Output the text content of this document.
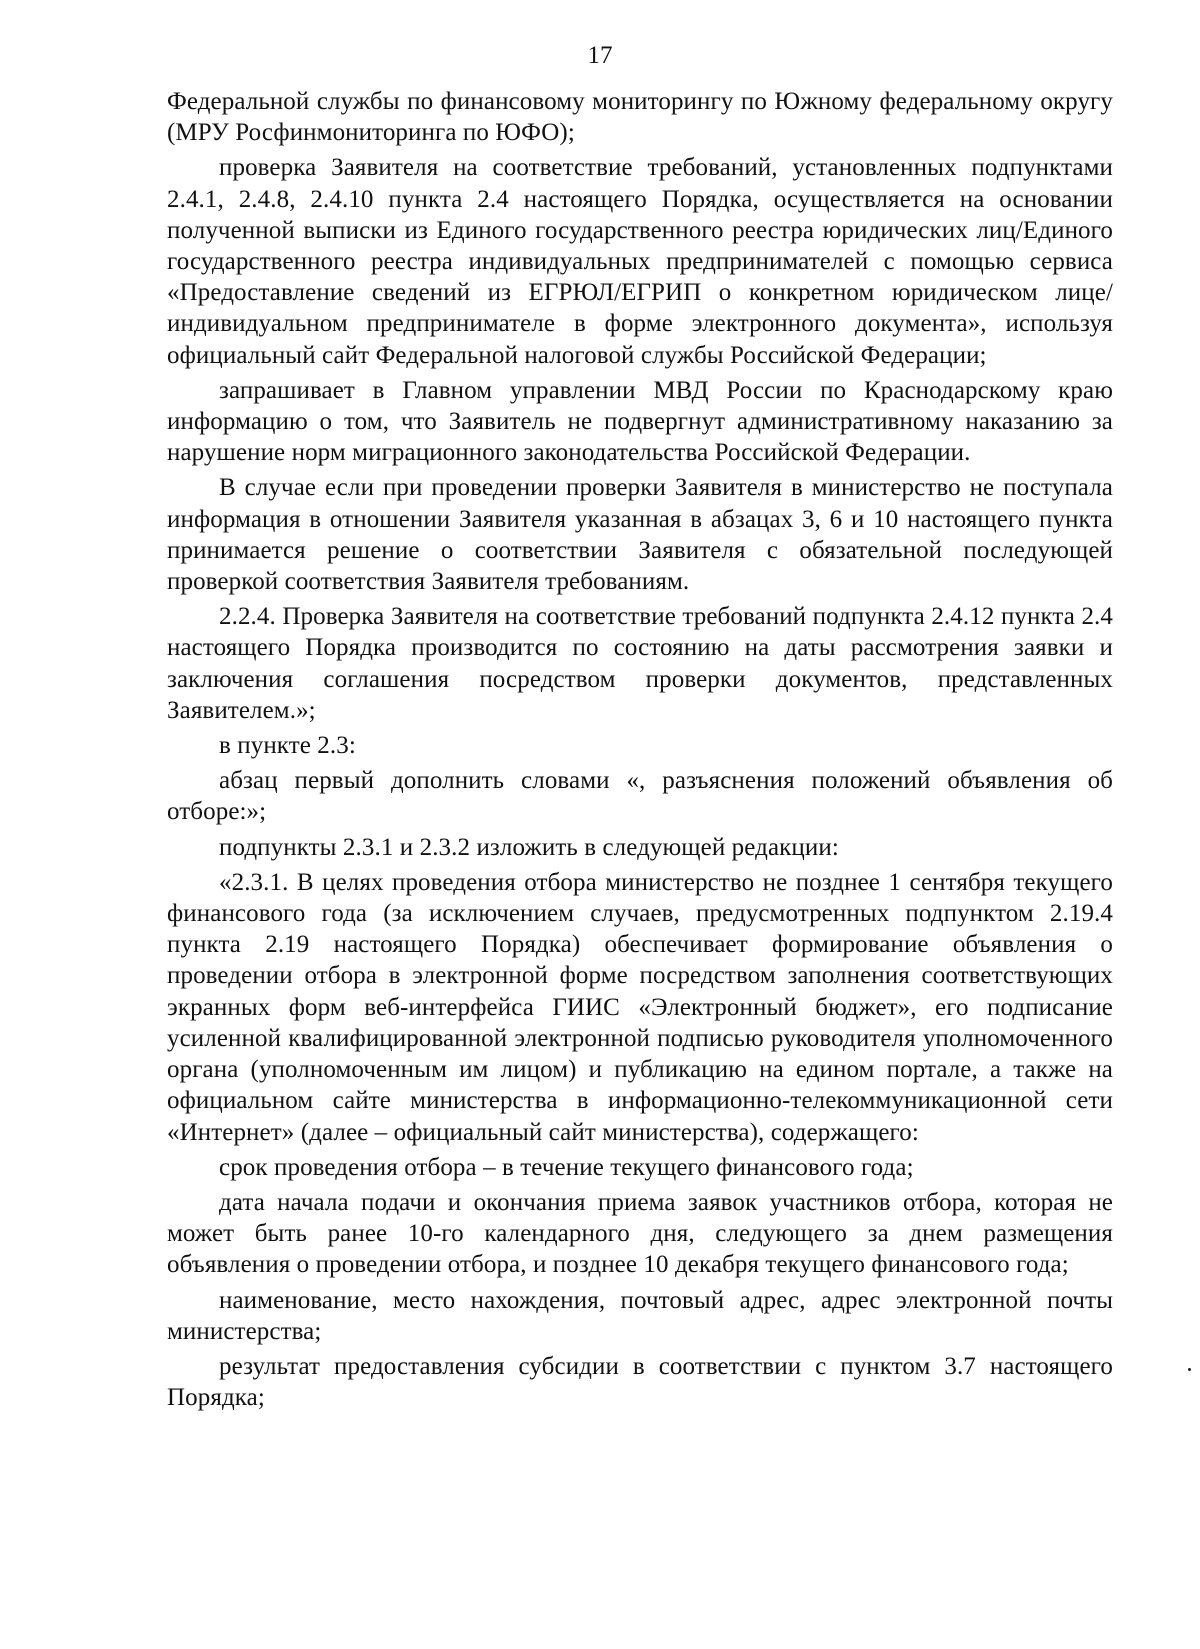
17

Федеральной службы по финансовому мониторингу по Южному федеральному округу (МРУ Росфинмониторинга по ЮФО);

проверка Заявителя на соответствие требований, установленных подпунктами 2.4.1, 2.4.8, 2.4.10 пункта 2.4 настоящего Порядка, осуществляется на основании полученной выписки из Единого государственного реестра юридических лиц/Единого государственного реестра индивидуальных предпринимателей с помощью сервиса «Предоставление сведений из ЕГРЮЛ/ЕГРИП о конкретном юридическом лице/индивидуальном предпринимателе в форме электронного документа», используя официальный сайт Федеральной налоговой службы Российской Федерации;

запрашивает в Главном управлении МВД России по Краснодарскому краю информацию о том, что Заявитель не подвергнут административному наказанию за нарушение норм миграционного законодательства Российской Федерации.

В случае если при проведении проверки Заявителя в министерство не поступала информация в отношении Заявителя указанная в абзацах 3, 6 и 10 настоящего пункта принимается решение о соответствии Заявителя с обязательной последующей проверкой соответствия Заявителя требованиям.

2.2.4. Проверка Заявителя на соответствие требований подпункта 2.4.12 пункта 2.4 настоящего Порядка производится по состоянию на даты рассмотрения заявки и заключения соглашения посредством проверки документов, представленных Заявителем.»;

в пункте 2.3:

абзац первый дополнить словами «, разъяснения положений объявления об отборе:»;

подпункты 2.3.1 и 2.3.2 изложить в следующей редакции:

«2.3.1. В целях проведения отбора министерство не позднее 1 сентября текущего финансового года (за исключением случаев, предусмотренных подпунктом 2.19.4 пункта 2.19 настоящего Порядка) обеспечивает формирование объявления о проведении отбора в электронной форме посредством заполнения соответствующих экранных форм веб-интерфейса ГИИС «Электронный бюджет», его подписание усиленной квалифицированной электронной подписью руководителя уполномоченного органа (уполномоченным им лицом) и публикацию на едином портале, а также на официальном сайте министерства в информационно-телекоммуникационной сети «Интернет» (далее – официальный сайт министерства), содержащего:

срок проведения отбора – в течение текущего финансового года;

дата начала подачи и окончания приема заявок участников отбора, которая не может быть ранее 10-го календарного дня, следующего за днем размещения объявления о проведении отбора, и позднее 10 декабря текущего финансового года;

наименование, место нахождения, почтовый адрес, адрес электронной почты министерства;

результат предоставления субсидии в соответствии с пунктом 3.7 настоящего Порядка;
